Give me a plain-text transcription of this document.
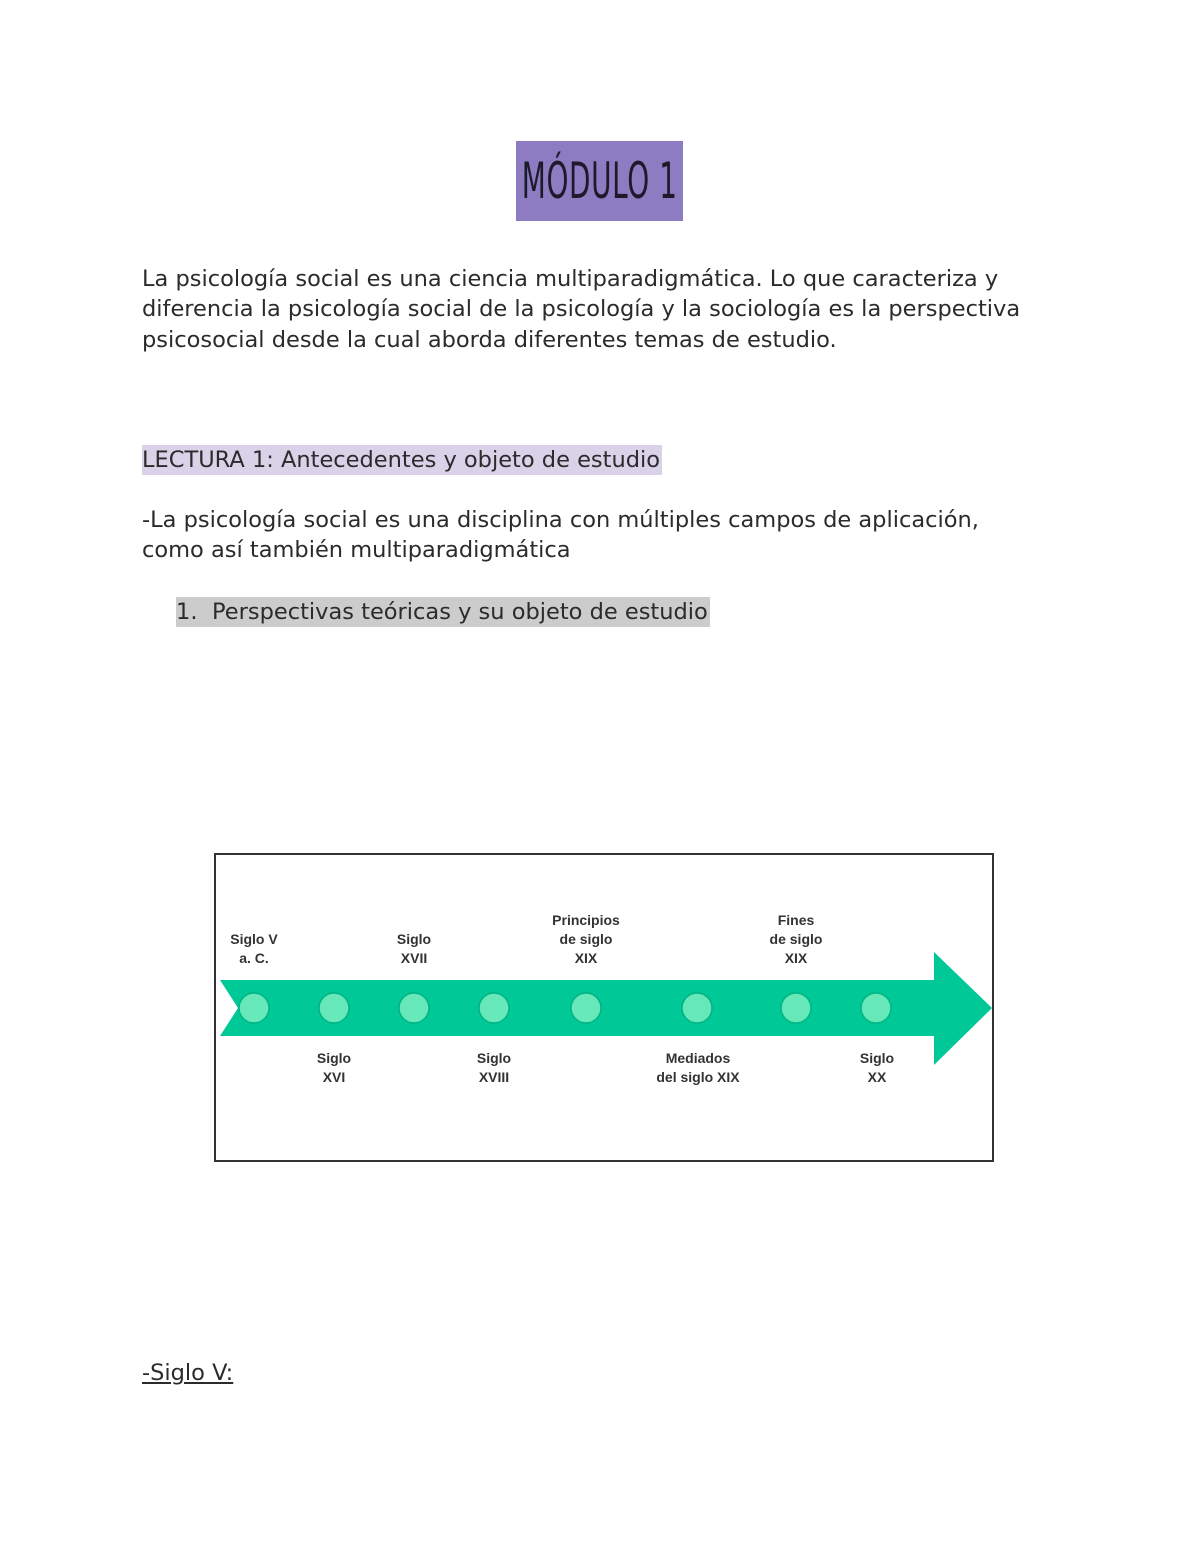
MÓDULO 1

La psicología social es una ciencia multiparadigmática. Lo que caracteriza y diferencia la psicología social de la psicología y la sociología es la perspectiva psicosocial desde la cual aborda diferentes temas de estudio.

LECTURA 1: Antecedentes y objeto de estudio

-La psicología social es una disciplina con múltiples campos de aplicación, como así también multiparadigmática

1. Perspectivas teóricas y su objeto de estudio
Siglo V
a. C.
Siglo
XVII
Principios
de siglo
XIX
Fines
de siglo
XIX
Siglo
XVI
Siglo
XVIII
Mediados
del siglo XIX
Siglo
XX

-Siglo V:
